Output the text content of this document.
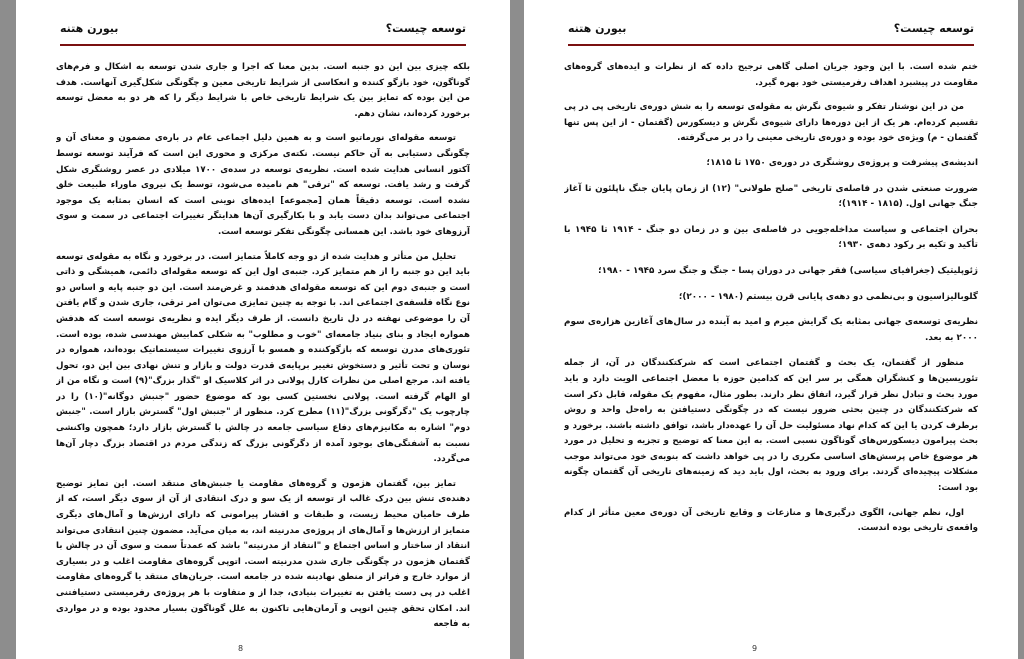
توسعه چیست؟
بیورن هتنه

بلکه چیزی بین این دو جنبه است. بدین معنا که اجرا و جاری شدن توسعه به اشکال و فرم‌های گوناگون، خود بازگو کننده و انعکاسی از شرایط تاریخی معین و چگونگی شکل‌گیری آنهاست. هدف من این بوده که تمایز بین یک شرایط تاریخی خاص با شرایط دیگر را که هر دو به معضل توسعه برخورد کرده‌اند، نشان دهم.

توسعه مقوله‌ای نورماتیو است و به همین دلیل اجماعی عام در باره‌ی مضمون و معنای آن و چگونگی دستیابی به آن حاکم نیست. نکته‌ی مرکزی و محوری این است که فرآیند توسعه توسط آکتور انسانی هدایت شده است. نظریه‌ی توسعه در سده‌ی ۱۷۰۰ میلادی در عصر روشنگری شکل گرفت و رشد یافت. توسعه که "ترقی" هم نامیده می‌شود، توسط یک نیروی ماوراء طبیعت خلق نشده است. توسعه دقیقاً همان [مجموعه] ایده‌های نوینی است که انسان بمثابه یک موجود اجتماعی می‌تواند بدان دست یابد و با بکارگیری آن‌ها هدایتگر تغییرات اجتماعی در سمت و سوی آرزوهای خود باشد. این همسانی چگونگی تفکر توسعه است.

تحلیل من متأثر و هدایت شده از دو وجه کاملاً متمایز است. در برخورد و نگاه به مقوله‌ی توسعه باید این دو جنبه را از هم متمایز کرد. جنبه‌ی اول این که توسعه مقوله‌ای دائمی، همیشگی و ذاتی است و جنبه‌ی دوم این که توسعه مقوله‌ای هدفمند و غرض‌مند است. این دو جنبه پایه و اساس دو نوع نگاه فلسفه‌ی اجتماعی اند. با توجه به چنین تمایزی می‌توان امر ترقی، جاری شدن و گام یافتن آن را موضوعی نهفته در دل تاریخ دانست. از طرف دیگر ایده و نظریه‌ی توسعه است که هدفش همواره ایجاد و بنای بنیاد جامعه‌ای "خوب و مطلوب" به شکلی کمابیش مهندسی شده، بوده است. تئوری‌های مدرن توسعه که بازگوکننده و همسو با آرزوی تغییرات سیستماتیک بوده‌اند، همواره در نوسان و تحت تأثیر و دستخوش تغییر برپایه‌ی قدرت دولت و بازار و تنش نهادی بین این دو، تحول یافته اند. مرجع اصلی من نظرات کارل پولانی در اثر کلاسیک او "گذار بزرگ"(۹) است و نگاه من از او الهام گرفته است. پولانی نخستین کسی بود که موضوع حضور "جنبش دوگانه"(۱۰) را در چارچوب یک "دگرگونی بزرگ"(۱۱) مطرح کرد. منظور از "جنبش اول" گسترش بازار است. "جنبش دوم" اشاره به مکانیزم‌های دفاع سیاسی جامعه در چالش با گسترش بازار دارد؛ همچون واکنشی نسبت به آشفتگی‌های بوجود آمده از دگرگونی بزرگ که زندگی مردم در اقتصاد بزرگ دچار آن‌ها می‌گردد.

تمایز بین، گفتمان هژمون و گروه‌های مقاومت یا جنبش‌های منتقد است. این تمایز توضیح دهنده‌ی تنش بین درک غالب از توسعه از یک سو و درک انتقادی از آن از سوی دیگر است، که از طرف حامیان محیط زیست، و طبقات و اقشار پیرامونی که دارای ارزش‌ها و آمال‌های دیگری متمایز از ارزش‌ها و آمال‌های از پروژه‌ی مدرنیته اند، به میان می‌آید. مضمون چنین انتقادی می‌تواند انتقاد از ساختار و اساس اجتماع و "انتقاد از مدرنیته" باشد که عمدتاً سمت و سوی آن در چالش با گفتمان هژمون در چگونگی جاری شدن مدرنیته است. اتوپی گروه‌های مقاومت اغلب و در بسیاری از موارد خارج و فراتر از منطق نهادینه شده در جامعه است. جریان‌های منتقد یا گروه‌های مقاومت اغلب در پی دست یافتن به تغییرات بنیادی، جدا از و متفاوت با هر پروژه‌ی رفرمیستی دستیافتنی اند. امکان تحقق چنین اتوپی و آرمان‌هایی تاکنون به علل گوناگون بسیار محدود بوده و در مواردی به فاجعه

8
توسعه چیست؟
بیورن هتنه

ختم شده است. با این وجود جریان اصلی گاهی ترجیح داده که از نظرات و ایده‌های گروه‌های مقاومت در پیشبرد اهداف رفرمیستی خود بهره گیرد.

من در این نوشتار تفکر و شیوه‌ی نگرش به مقوله‌ی توسعه را به شش دوره‌ی تاریخی پی در پی تقسیم کرده‌ام. هر یک از این دوره‌ها دارای شیوه‌ی نگرش و دیسکورس (گفتمان - از این پس تنها گفتمان - م) ویژه‌ی خود بوده و دوره‌ی تاریخی معینی را در بر می‌گرفته.

اندیشه‌ی پیشرفت و پروژه‌ی روشنگری در دوره‌ی ۱۷۵۰ تا ۱۸۱۵؛

ضرورت صنعتی شدن در فاصله‌ی تاریخی "صلح طولانی" (۱۲) از زمان پایان جنگ ناپلئون تا آغاز جنگ جهانی اول. (۱۸۱۵ - ۱۹۱۴)؛

بحران اجتماعی و سیاست مداخله‌جویی در فاصله‌ی بین و در زمان دو جنگ - ۱۹۱۴ تا ۱۹۴۵ با تأکید و تکیه بر رکود دهه‌ی ۱۹۳۰؛

ژئوپلیتیک (جغرافیای سیاسی) فقر جهانی در دوران پسا - جنگ و جنگ سرد ۱۹۴۵ - ۱۹۸۰؛

گلوبالیزاسیون و بی‌نظمی دو دهه‌ی پایانی قرن بیستم (۱۹۸۰ - ۲۰۰۰)؛

نظریه‌ی توسعه‌ی جهانی بمثابه یک گرایش میرم و امید به آینده در سال‌های آغازین هزاره‌ی سوم ۲۰۰۰ به بعد.

منظور از گفتمان، یک بحث و گفتمان اجتماعی است که شرکتکنندگان در آن، از جمله تئوریسین‌ها و کنشگران همگی بر سر این که کدامین حوزه با معضل اجتماعی الویت دارد و باید مورد بحث و تبادل نظر قرار گیرد، اتفاق نظر دارند. بطور مثال، مفهوم یک مقوله، قابل ذکر است که شرکتکنندگان در چنین بحثی ضرور نیست که در چگونگی دستیافتن به راه‌حل واحد و روش برطرف کردن یا این که کدام نهاد مسئولیت حل آن را عهده‌دار باشد، توافق داشته باشند. برخورد و بحث پیرامون دیسکورس‌های گوناگون نسبی است. به این معنا که توضیح و تجزیه و تحلیل در مورد هر موضوع خاص پرسش‌های اساسی مکرری را در پی خواهد داشت که بنوبه‌ی خود می‌تواند موجب مشکلات پیچیده‌ای گردند. برای ورود به بحث، اول باید دید که زمینه‌های تاریخی آن گفتمان چگونه بود است:

اول، نظم جهانی، الگوی درگیری‌ها و منازعات و وقایع تاریخی آن دوره‌ی معین متأثر از کدام واقعه‌ی تاریخی بوده اندست.

9
